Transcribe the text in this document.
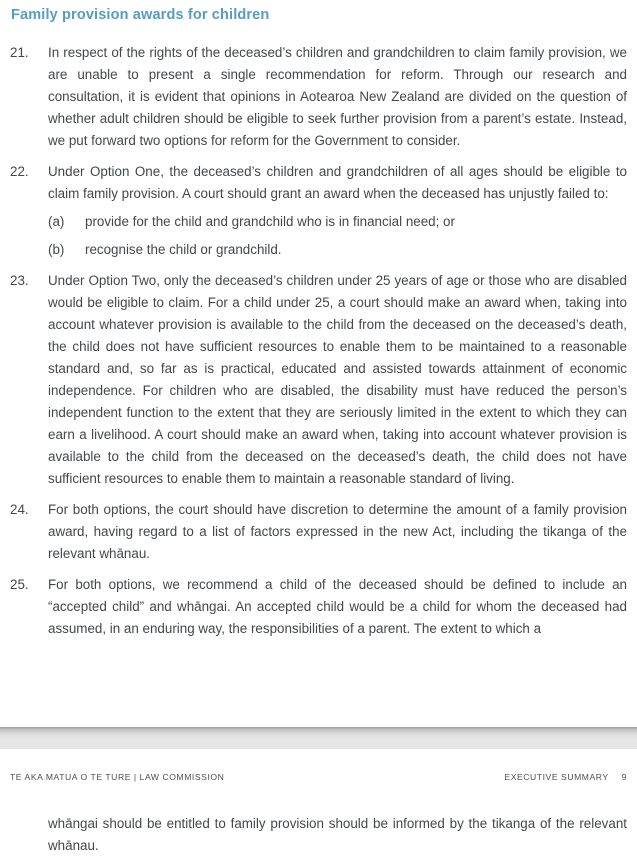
Family provision awards for children
21.	In respect of the rights of the deceased’s children and grandchildren to claim family provision, we are unable to present a single recommendation for reform. Through our research and consultation, it is evident that opinions in Aotearoa New Zealand are divided on the question of whether adult children should be eligible to seek further provision from a parent’s estate. Instead, we put forward two options for reform for the Government to consider.
22.	Under Option One, the deceased’s children and grandchildren of all ages should be eligible to claim family provision. A court should grant an award when the deceased has unjustly failed to:
(a)	provide for the child and grandchild who is in financial need; or
(b)	recognise the child or grandchild.
23.	Under Option Two, only the deceased’s children under 25 years of age or those who are disabled would be eligible to claim. For a child under 25, a court should make an award when, taking into account whatever provision is available to the child from the deceased on the deceased’s death, the child does not have sufficient resources to enable them to be maintained to a reasonable standard and, so far as is practical, educated and assisted towards attainment of economic independence. For children who are disabled, the disability must have reduced the person’s independent function to the extent that they are seriously limited in the extent to which they can earn a livelihood. A court should make an award when, taking into account whatever provision is available to the child from the deceased on the deceased’s death, the child does not have sufficient resources to enable them to maintain a reasonable standard of living.
24.	For both options, the court should have discretion to determine the amount of a family provision award, having regard to a list of factors expressed in the new Act, including the tikanga of the relevant whānau.
25.	For both options, we recommend a child of the deceased should be defined to include an “accepted child” and whāngai. An accepted child would be a child for whom the deceased had assumed, in an enduring way, the responsibilities of a parent. The extent to which a
TE AKA MATUA O TE TURE | LAW COMMISSION	EXECUTIVE SUMMARY 9
whāngai should be entitled to family provision should be informed by the tikanga of the relevant whānau.
